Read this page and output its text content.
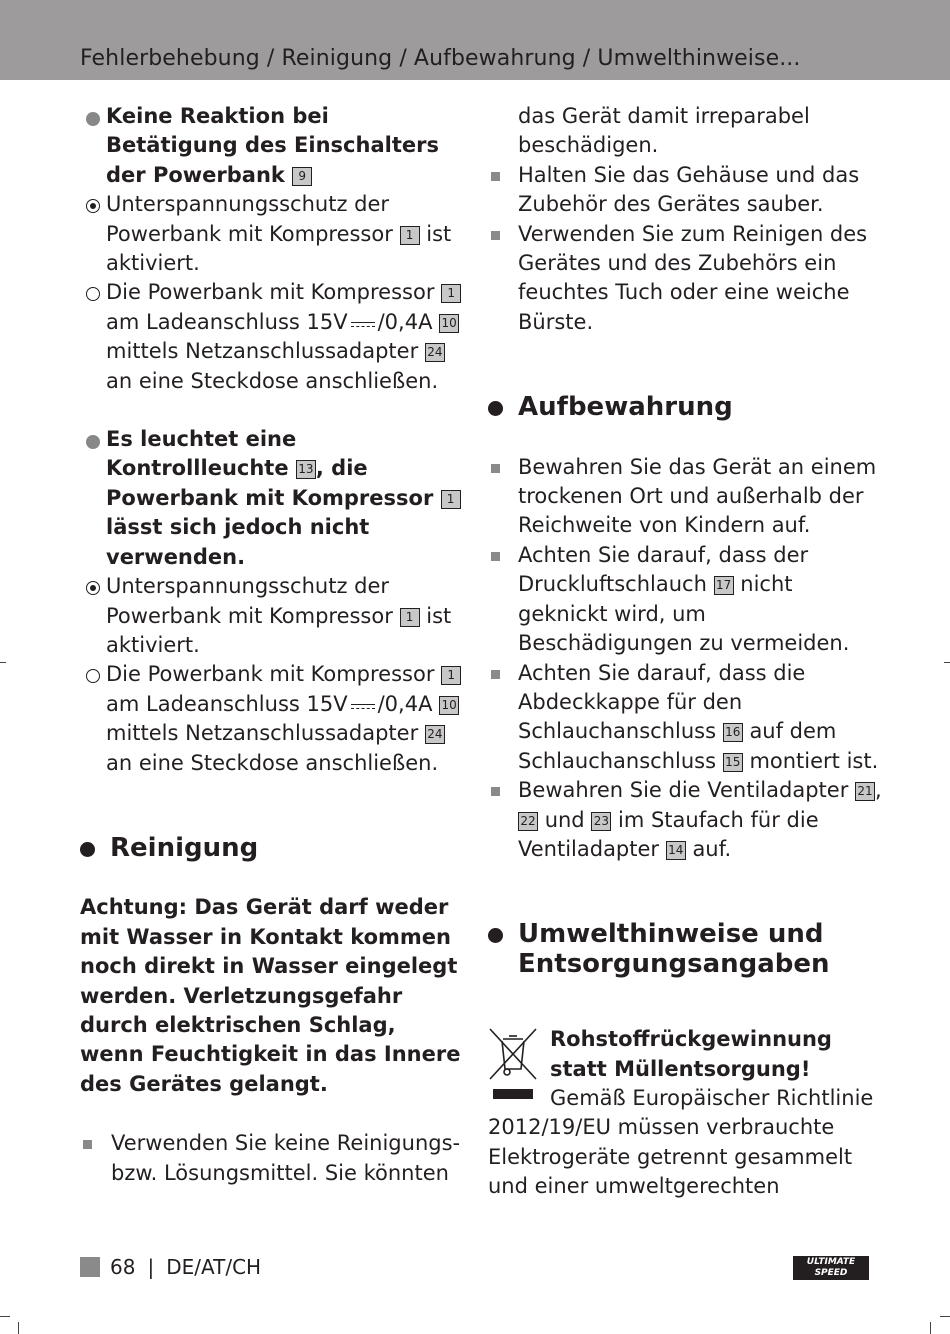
Fehlerbehebung / Reinigung / Aufbewahrung / Umwelthinweise...
Keine Reaktion bei Betätigung des Einschalters der Powerbank 9
Unterspannungsschutz der Powerbank mit Kompressor 1 ist aktiviert.
Die Powerbank mit Kompressor 1 am Ladeanschluss 15V /0,4A 10 mittels Netzanschlussadapter 24 an eine Steckdose anschließen.
Es leuchtet eine Kontrollleuchte 13 , die Powerbank mit Kompressor 1 lässt sich jedoch nicht verwenden.
Unterspannungsschutz der Powerbank mit Kompressor 1 ist aktiviert.
Die Powerbank mit Kompressor 1 am Ladeanschluss 15V /0,4A 10 mittels Netzanschlussadapter 24 an eine Steckdose anschließen.
Reinigung
Achtung: Das Gerät darf weder mit Wasser in Kontakt kommen noch direkt in Wasser eingelegt werden. Verletzungsgefahr durch elektrischen Schlag, wenn Feuchtigkeit in das Innere des Gerätes gelangt.
Verwenden Sie keine Reinigungs- bzw. Lösungsmittel. Sie könnten
das Gerät damit irreparabel beschädigen.
Halten Sie das Gehäuse und das Zubehör des Gerätes sauber.
Verwenden Sie zum Reinigen des Gerätes und des Zubehörs ein feuchtes Tuch oder eine weiche Bürste.
Aufbewahrung
Bewahren Sie das Gerät an einem trockenen Ort und außerhalb der Reichweite von Kindern auf.
Achten Sie darauf, dass der Druckluftschlauch 17 nicht geknickt wird, um Beschädigungen zu vermeiden.
Achten Sie darauf, dass die Abdeckkappe für den Schlauchanschluss 16 auf dem Schlauchanschluss 15 montiert ist.
Bewahren Sie die Ventiladapter 21 , 22 und 23 im Staufach für die Ventiladapter 14 auf.
Umwelthinweise und Entsorgungsangaben
Rohstoffrückgewinnung statt Müllentsorgung!
Gemäß Europäischer Richtlinie 2012/19/EU müssen verbrauchte Elektrogeräte getrennt gesammelt und einer umweltgerechten
68 | DE/AT/CH	ULTIMATE
SPEED
